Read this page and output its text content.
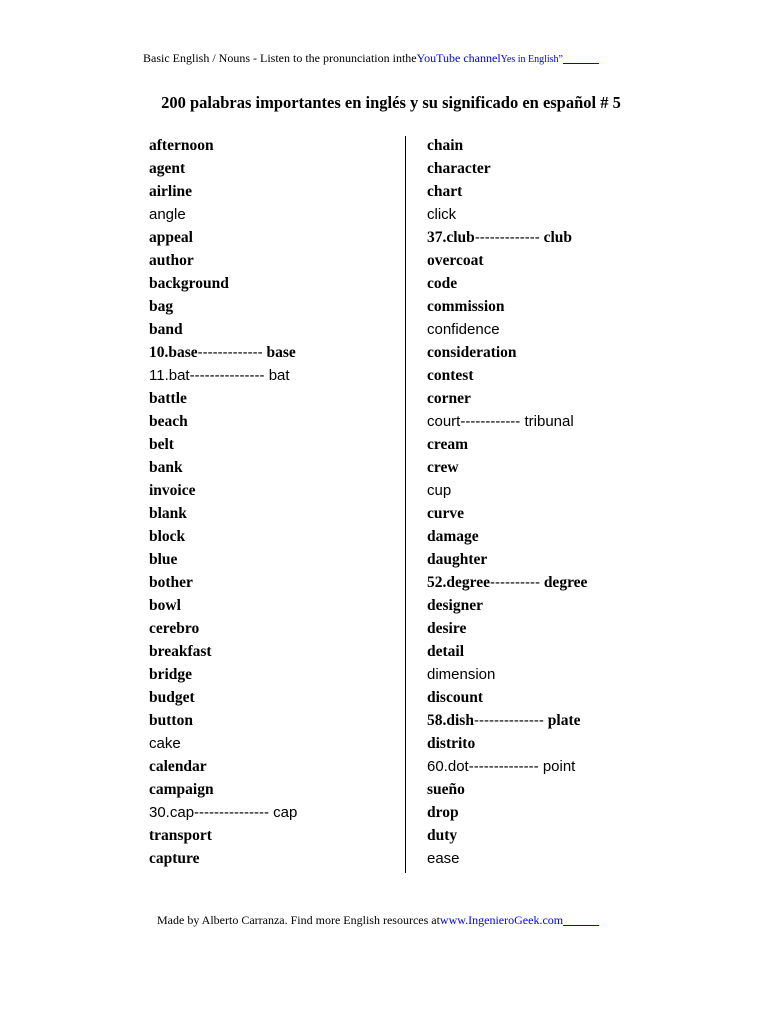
Basic English / Nouns - Listen to the pronunciation intheYouTube channelYes in English”
200 palabras importantes en inglés y su significado en español # 5
afternoon
agent
airline
angle
appeal
author
background
bag
band
10.base------------- base
11.bat--------------- bat
battle
beach
belt
bank
invoice
blank
block
blue
bother
bowl
cerebro
breakfast
bridge
budget
button
cake
calendar
campaign
30.cap--------------- cap
transport
capture
chain
character
chart
click
37.club------------- club
overcoat
code
commission
confidence
consideration
contest
corner
court------------ tribunal
cream
crew
cup
curve
damage
daughter
52.degree---------- degree
designer
desire
detail
dimension
discount
58.dish-------------- plate
distrito
60.dot-------------- point
sueño
drop
duty
ease
Made by Alberto Carranza. Find more English resources atwww.IngenieroGeek.com
